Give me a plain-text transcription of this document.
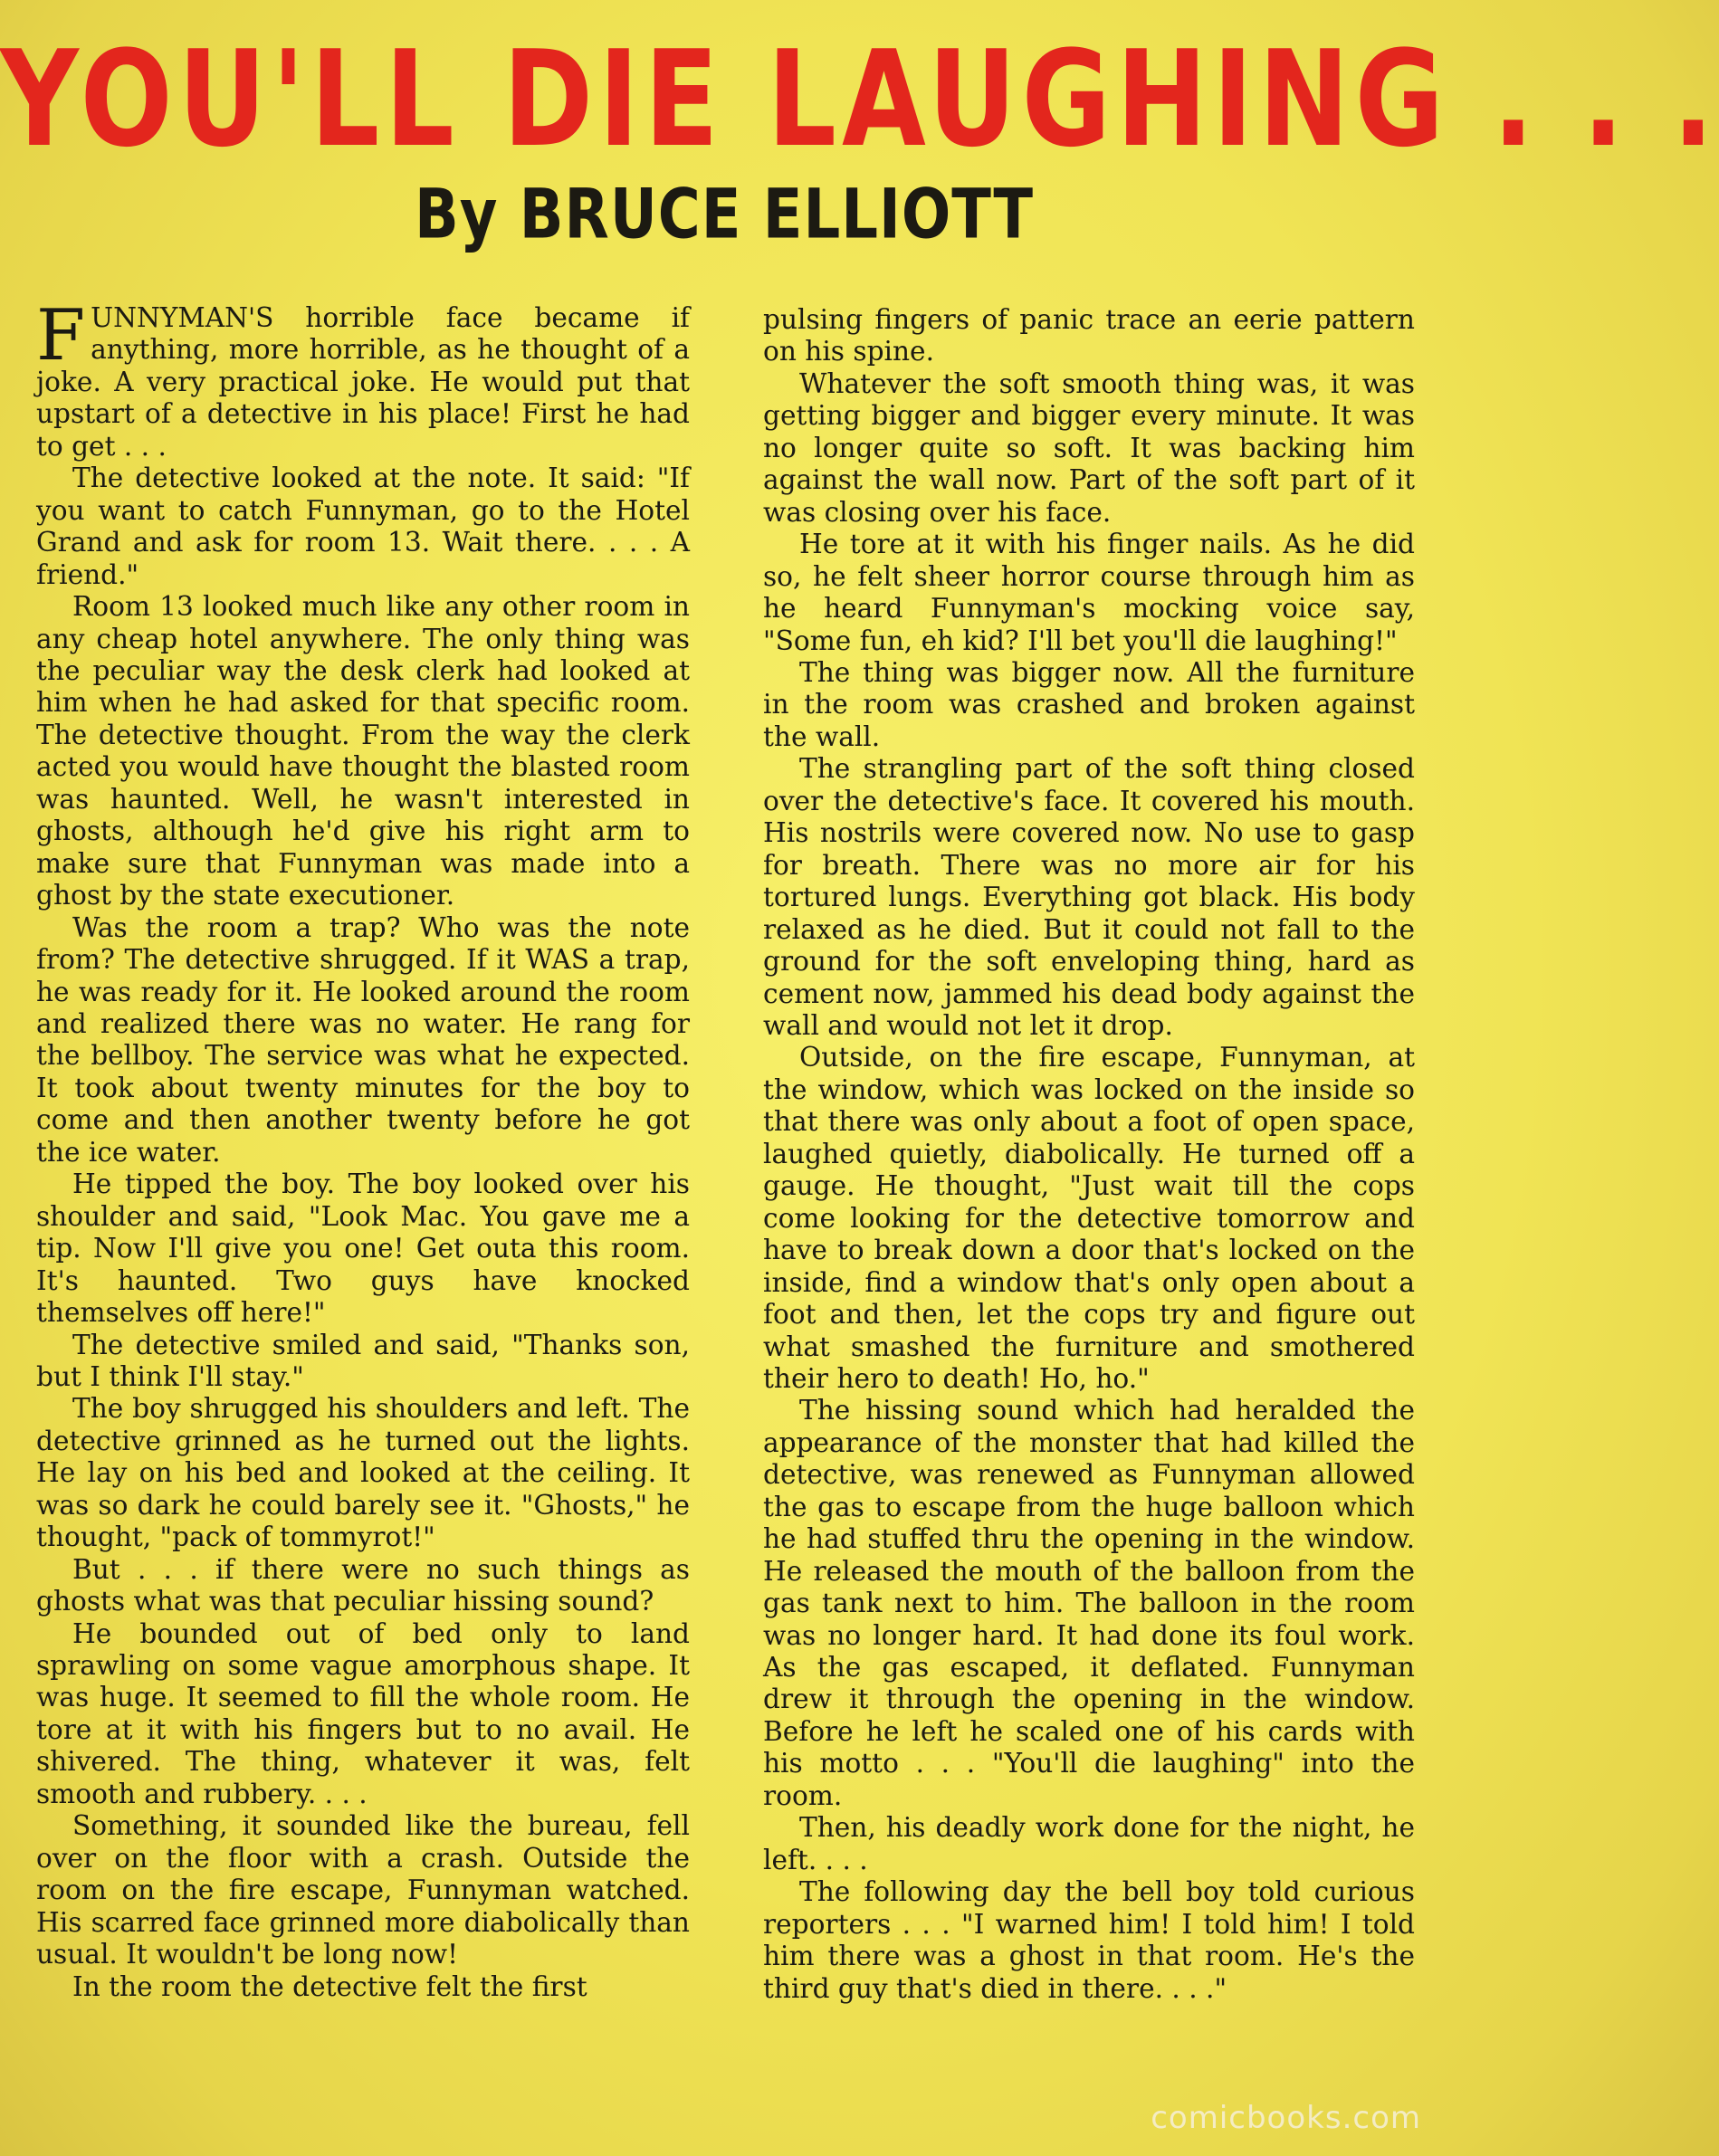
YOU'LL DIE LAUGHING . . .
By BRUCE ELLIOTT

FUNNYMAN'S horrible face became if anything, more horrible, as he thought of a joke. A very practical joke. He would put that upstart of a detective in his place! First he had to get . . .

The detective looked at the note. It said: "If you want to catch Funnyman, go to the Hotel Grand and ask for room 13. Wait there. . . . A friend."

Room 13 looked much like any other room in any cheap hotel anywhere. The only thing was the peculiar way the desk clerk had looked at him when he had asked for that specific room. The detective thought. From the way the clerk acted you would have thought the blasted room was haunted. Well, he wasn't interested in ghosts, although he'd give his right arm to make sure that Funnyman was made into a ghost by the state executioner.

Was the room a trap? Who was the note from? The detective shrugged. If it WAS a trap, he was ready for it. He looked around the room and realized there was no water. He rang for the bellboy. The service was what he expected. It took about twenty minutes for the boy to come and then another twenty before he got the ice water.

He tipped the boy. The boy looked over his shoulder and said, "Look Mac. You gave me a tip. Now I'll give you one! Get outa this room. It's haunted. Two guys have knocked themselves off here!"

The detective smiled and said, "Thanks son, but I think I'll stay."

The boy shrugged his shoulders and left. The detective grinned as he turned out the lights. He lay on his bed and looked at the ceiling. It was so dark he could barely see it. "Ghosts," he thought, "pack of tommyrot!"

But . . . if there were no such things as ghosts what was that peculiar hissing sound?

He bounded out of bed only to land sprawling on some vague amorphous shape. It was huge. It seemed to fill the whole room. He tore at it with his fingers but to no avail. He shivered. The thing, whatever it was, felt smooth and rubbery. . . .

Something, it sounded like the bureau, fell over on the floor with a crash. Outside the room on the fire escape, Funnyman watched. His scarred face grinned more diabolically than usual. It wouldn't be long now!

In the room the detective felt the first

pulsing fingers of panic trace an eerie pattern on his spine.

Whatever the soft smooth thing was, it was getting bigger and bigger every minute. It was no longer quite so soft. It was backing him against the wall now. Part of the soft part of it was closing over his face.

He tore at it with his finger nails. As he did so, he felt sheer horror course through him as he heard Funnyman's mocking voice say, "Some fun, eh kid? I'll bet you'll die laughing!"

The thing was bigger now. All the furniture in the room was crashed and broken against the wall.

The strangling part of the soft thing closed over the detective's face. It covered his mouth. His nostrils were covered now. No use to gasp for breath. There was no more air for his tortured lungs. Everything got black. His body relaxed as he died. But it could not fall to the ground for the soft enveloping thing, hard as cement now, jammed his dead body against the wall and would not let it drop.

Outside, on the fire escape, Funnyman, at the window, which was locked on the inside so that there was only about a foot of open space, laughed quietly, diabolically. He turned off a gauge. He thought, "Just wait till the cops come looking for the detective tomorrow and have to break down a door that's locked on the inside, find a window that's only open about a foot and then, let the cops try and figure out what smashed the furniture and smothered their hero to death! Ho, ho."

The hissing sound which had heralded the appearance of the monster that had killed the detective, was renewed as Funnyman allowed the gas to escape from the huge balloon which he had stuffed thru the opening in the window. He released the mouth of the balloon from the gas tank next to him. The balloon in the room was no longer hard. It had done its foul work. As the gas escaped, it deflated. Funnyman drew it through the opening in the window. Before he left he scaled one of his cards with his motto . . . "You'll die laughing" into the room.

Then, his deadly work done for the night, he left. . . .

The following day the bell boy told curious reporters . . . "I warned him! I told him! I told him there was a ghost in that room. He's the third guy that's died in there. . . ."

comicbooks.com
